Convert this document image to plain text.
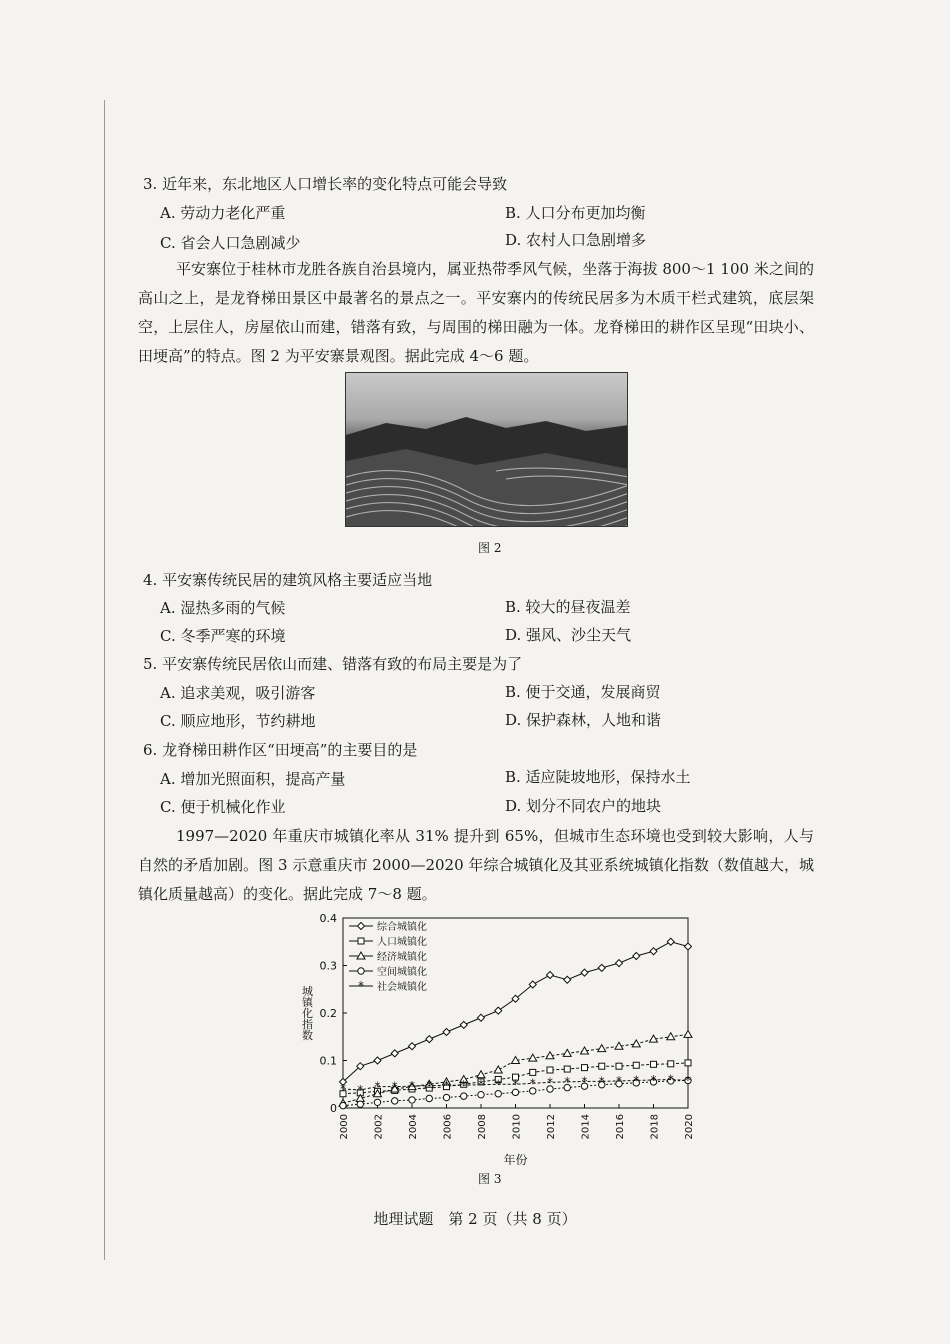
3. 近年来，东北地区人口增长率的变化特点可能会导致
A. 劳动力老化严重	B. 人口分布更加均衡
C. 省会人口急剧减少	D. 农村人口急剧增多
平安寨位于桂林市龙胜各族自治县境内，属亚热带季风气候，坐落于海拔 800～1 100 米之间的高山之上，是龙脊梯田景区中最著名的景点之一。平安寨内的传统民居多为木质干栏式建筑，底层架空，上层住人，房屋依山而建，错落有致，与周围的梯田融为一体。龙脊梯田的耕作区呈现“田块小、田埂高”的特点。图 2 为平安寨景观图。据此完成 4～6 题。
图 2
4. 平安寨传统民居的建筑风格主要适应当地
A. 湿热多雨的气候	B. 较大的昼夜温差
C. 冬季严寒的环境	D. 强风、沙尘天气
5. 平安寨传统民居依山而建、错落有致的布局主要是为了
A. 追求美观，吸引游客	B. 便于交通，发展商贸
C. 顺应地形，节约耕地	D. 保护森林，人地和谐
6. 龙脊梯田耕作区“田埂高”的主要目的是
A. 增加光照面积，提高产量	B. 适应陡坡地形，保持水土
C. 便于机械化作业	D. 划分不同农户的地块
1997—2020 年重庆市城镇化率从 31% 提升到 65%，但城市生态环境也受到较大影响，人与自然的矛盾加剧。图 3 示意重庆市 2000—2020 年综合城镇化及其亚系统城镇化指数（数值越大，城镇化质量越高）的变化。据此完成 7～8 题。
0
0.1
0.2
0.3
0.4
2000 2002 2004 2006 2008 2010 2012 2014 2016 2018 2020
年份
城镇化指数
综合城镇化
人口城镇化
经济城镇化
空间城镇化
* * * * * * * * * * * * * * * * * * * * *
* 社会城镇化
图 3
地理试题　第 2 页（共 8 页）
